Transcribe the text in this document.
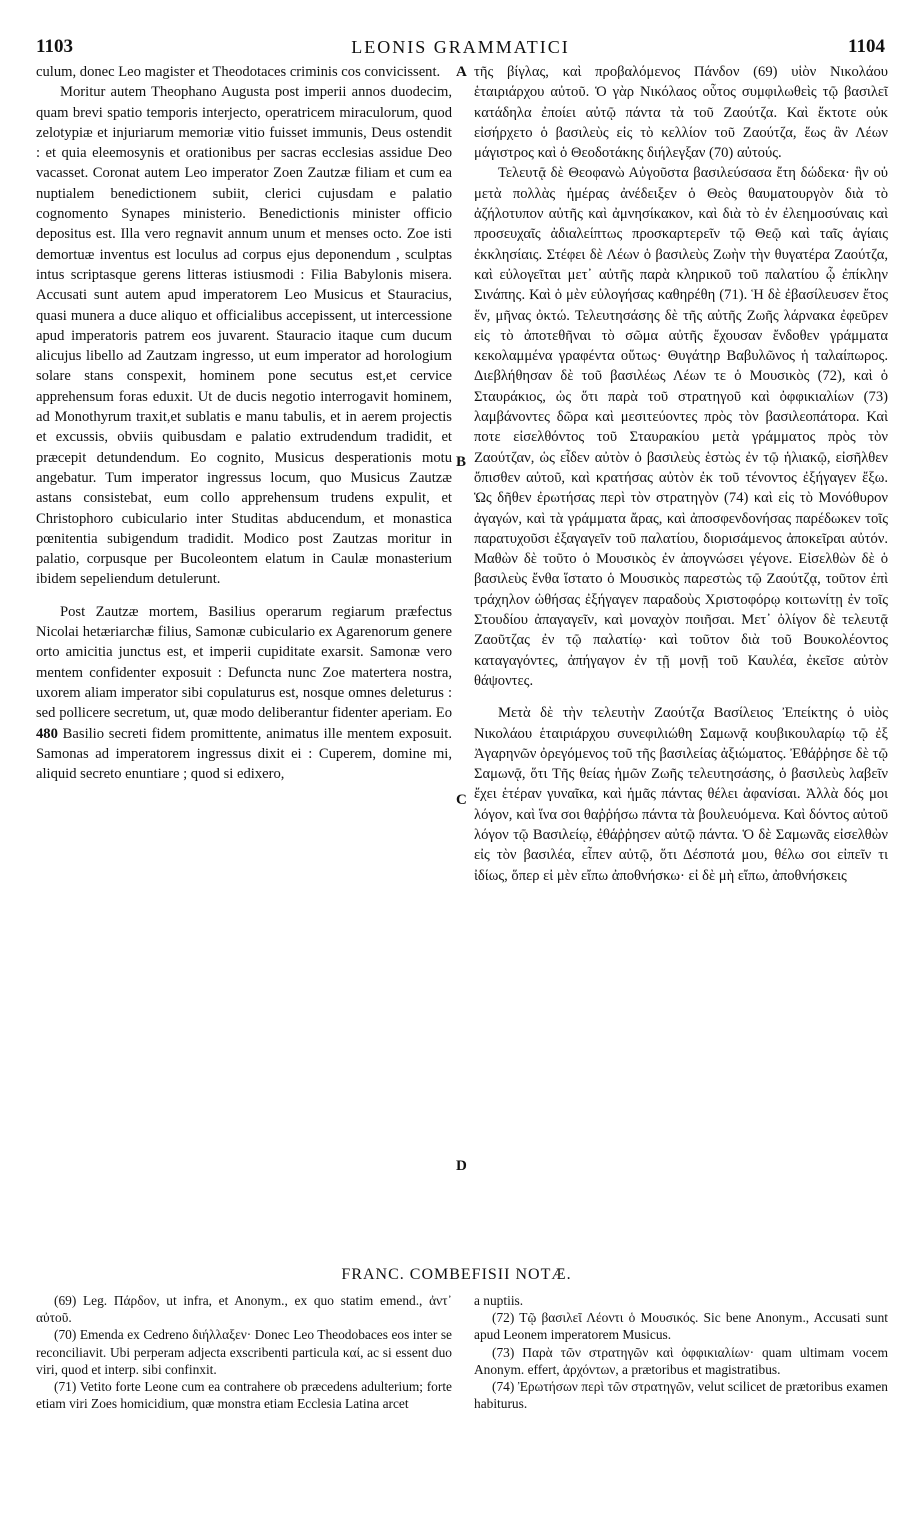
1103	LEONIS GRAMMATICI	1104

culum, donec Leo magister et Theodotaces criminis cos convicissent.

Moritur autem Theophano Augusta post imperii annos duodecim, quam brevi spatio temporis interjecto, operatricem miraculorum, quod zelotypiæ et injuriarum memoriæ vitio fuisset immunis, Deus ostendit : et quia eleemosynis et orationibus per sacras ecclesias assidue Deo vacasset. Coronat autem Leo imperator Zoen Zautzæ filiam et cum ea nuptialem benedictionem subiit, clerici cujusdam e palatio cognomento Synapes ministerio. Benedictionis minister officio depositus est. Illa vero regnavit annum unum et menses octo. Zoe isti demortuæ inventus est loculus ad corpus ejus deponendum , sculptas intus scriptasque gerens litteras istiusmodi : Filia Babylonis misera. Accusati sunt autem apud imperatorem Leo Musicus et Stauracius, quasi munera a duce aliquo et officialibus accepissent, ut intercessione apud imperatoris patrem eos juvarent. Stauracio itaque cum ducum alicujus libello ad Zautzam ingresso, ut eum imperator ad horologium solare stans conspexit, hominem pone secutus est,et cervice apprehensum foras eduxit. Ut de ducis negotio interrogavit hominem, ad Monothyrum traxit,et sublatis e manu tabulis, et in aerem projectis et excussis, obviis quibusdam e palatio extrudendum tradidit, et præcepit detundendum. Eo cognito, Musicus desperationis motu angebatur. Tum imperator ingressus locum, quo Musicus Zautzæ astans consistebat, eum collo apprehensum trudens expulit, et Christophoro cubiculario inter Studitas abducendum, et monastica pœnitentia subigendum tradidit. Modico post Zautzas moritur in palatio, corpusque per Bucoleontem elatum in Caulæ monasterium ibidem sepeliendum detulerunt.

Post Zautzæ mortem, Basilius operarum regiarum præfectus Nicolai hetæriarchæ filius, Samonæ cubiculario ex Agarenorum genere orto amicitia junctus est, et imperii cupiditate exarsit. Samonæ vero mentem confidenter exposuit : Defuncta nunc Zoe matertera nostra, uxorem aliam imperator sibi copulaturus est, nosque omnes deleturus : sed pollicere secretum, ut, quæ modo deliberantur fidenter aperiam. Eo 480 Basilio secreti fidem promittente, animatus ille mentem exposuit. Samonas ad imperatorem ingressus dixit ei : Cuperem, domine mi, aliquid secreto enuntiare ; quod si edixero,

A
B
C
D

τῆς βίγλας, καὶ προβαλόμενος Πάνδον (69) υἱὸν Νικολάου ἑταιριάρχου αὐτοῦ. Ὁ γὰρ Νικόλαος οὗτος συμφιλωθεὶς τῷ βασιλεῖ κατάδηλα ἐποίει αὐτῷ πάντα τὰ τοῦ Ζαούτζα. Καὶ ἔκτοτε οὐκ εἰσήρχετο ὁ βασιλεὺς εἰς τὸ κελλίον τοῦ Ζαούτζα, ἕως ἂν Λέων μάγιστρος καὶ ὁ Θεοδοτάκης διήλεγξαν (70) αὐτούς.

Τελευτᾷ δὲ Θεοφανὼ Αὐγοῦστα βασιλεύσασα ἔτη δώδεκα· ἣν οὐ μετὰ πολλὰς ἡμέρας ἀνέδειξεν ὁ Θεὸς θαυματουργὸν διὰ τὸ ἀζήλοτυπον αὐτῆς καὶ ἀμνησίκακον, καὶ διὰ τὸ ἐν ἐλεημοσύναις καὶ προσευχαῖς ἀδιαλείπτως προσκαρτερεῖν τῷ Θεῷ καὶ ταῖς ἁγίαις ἐκκλησίαις. Στέφει δὲ Λέων ὁ βασιλεὺς Ζωὴν τὴν θυγατέρα Ζαούτζα, καὶ εὐλογεῖται μετ᾽ αὐτῆς παρὰ κληρικοῦ τοῦ παλατίου ᾧ ἐπίκλην Σινάπης. Καὶ ὁ μὲν εὐλογήσας καθηρέθη (71). Ἡ δὲ ἐβασίλευσεν ἔτος ἕν, μῆνας ὀκτώ. Τελευτησάσης δὲ τῆς αὐτῆς Ζωῆς λάρνακα ἐφεῦρεν εἰς τὸ ἀποτεθῆναι τὸ σῶμα αὐτῆς ἔχουσαν ἔνδοθεν γράμματα κεκολαμμένα γραφέντα οὕτως· Θυγάτηρ Βαβυλῶνος ἡ ταλαίπωρος. Διεβλήθησαν δὲ τοῦ βασιλέως Λέων τε ὁ Μουσικὸς (72), καὶ ὁ Σταυράκιος, ὡς ὅτι παρὰ τοῦ στρατηγοῦ καὶ ὀφφικιαλίων (73) λαμβάνοντες δῶρα καὶ μεσιτεύοντες πρὸς τὸν βασιλεοπάτορα. Καὶ ποτε εἰσελθόντος τοῦ Σταυρακίου μετὰ γράμματος πρὸς τὸν Ζαούτζαν, ὡς εἶδεν αὐτὸν ὁ βασιλεὺς ἑστὼς ἐν τῷ ἡλιακῷ, εἰσῆλθεν ὄπισθεν αὐτοῦ, καὶ κρατήσας αὐτὸν ἐκ τοῦ τένοντος ἐξήγαγεν ἔξω. Ὡς δῆθεν ἐρωτήσας περὶ τὸν στρατηγὸν (74) καὶ εἰς τὸ Μονόθυρον ἀγαγών, καὶ τὰ γράμματα ἄρας, καὶ ἀποσφενδονήσας παρέδωκεν τοῖς παρατυχοῦσι ἐξαγαγεῖν τοῦ παλατίου, διορισάμενος ἀποκεῖραι αὐτόν. Μαθὼν δὲ τοῦτο ὁ Μουσικὸς ἐν ἀπογνώσει γέγονε. Εἰσελθὼν δὲ ὁ βασιλεὺς ἔνθα ἵστατο ὁ Μουσικὸς παρεστὼς τῷ Ζαούτζᾳ, τοῦτον ἐπὶ τράχηλον ὠθήσας ἐξήγαγεν παραδοὺς Χριστοφόρῳ κοιτωνίτῃ ἐν τοῖς Στουδίου ἀπαγαγεῖν, καὶ μοναχὸν ποιῆσαι. Μετ᾽ ὀλίγον δὲ τελευτᾷ Ζαοῦτζας ἐν τῷ παλατίῳ· καὶ τοῦτον διὰ τοῦ Βουκολέοντος καταγαγόντες, ἀπήγαγον ἐν τῇ μονῇ τοῦ Καυλέα, ἐκεῖσε αὐτὸν θάψοντες.

Μετὰ δὲ τὴν τελευτὴν Ζαούτζα Βασίλειος Ἐπείκτης ὁ υἱὸς Νικολάου ἑταιριάρχου συνεφιλιώθη Σαμωνᾷ κουβικουλαρίῳ τῷ ἐξ Ἀγαρηνῶν ὀρεγόμενος τοῦ τῆς βασιλείας ἀξιώματος. Ἐθάῤῥησε δὲ τῷ Σαμωνᾷ, ὅτι Τῆς θείας ἡμῶν Ζωῆς τελευτησάσης, ὁ βασιλεὺς λαβεῖν ἔχει ἑτέραν γυναῖκα, καὶ ἡμᾶς πάντας θέλει ἀφανίσαι. Ἀλλὰ δός μοι λόγον, καὶ ἵνα σοι θαῤῥήσω πάντα τὰ βουλευόμενα. Καὶ δόντος αὐτοῦ λόγον τῷ Βασιλείῳ, ἐθάῤῥησεν αὐτῷ πάντα. Ὁ δὲ Σαμωνᾶς εἰσελθὼν εἰς τὸν βασιλέα, εἶπεν αὐτῷ, ὅτι Δέσποτά μου, θέλω σοι εἰπεῖν τι ἰδίως, ὅπερ εἰ μὲν εἴπω ἀποθνήσκω· εἰ δὲ μὴ εἴπω, ἀποθνήσκεις

FRANC. COMBEFISII NOTÆ.

(69) Leg. Πάρδον, ut infra, et Anonym., ex quo statim emend., ἀντ᾽ αὐτοῦ.

(70) Emenda ex Cedreno διήλλαξεν· Donec Leo Theodobaces eos inter se reconciliavit. Ubi perperam adjecta exscribenti particula καί, ac si essent duo viri, quod et interp. sibi confinxit.

(71) Vetito forte Leone cum ea contrahere ob præcedens adulterium; forte etiam viri Zoes homicidium, quæ monstra etiam Ecclesia Latina arcet

a nuptiis.

(72) Τῷ βασιλεῖ Λέοντι ὁ Μουσικός. Sic bene Anonym., Accusati sunt apud Leonem imperatorem Musicus.

(73) Παρὰ τῶν στρατηγῶν καὶ ὀφφικιαλίων· quam ultimam vocem Anonym. effert, ἀρχόντων, a prætoribus et magistratibus.

(74) Ἐρωτήσων περὶ τῶν στρατηγῶν, velut scilicet de prætoribus examen habiturus.
